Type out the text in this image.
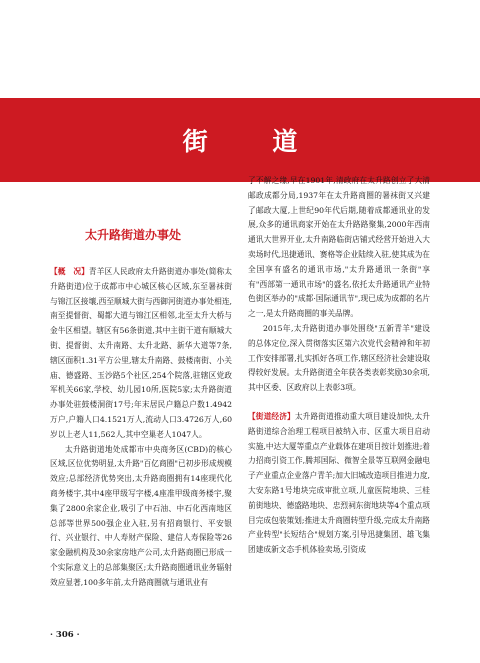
街 道
太升路街道办事处

【概　况】青羊区人民政府太升路街道办事处(简称太升路街道)位于成都市中心城区核心区域,东至暑袜街与锦江区接壤,西至顺城大街与西御河街道办事处相连,南至提督街、蜀都大道与锦江区相邻,北至太升大桥与金牛区相望。辖区有56条街道,其中主街干道有顺城大街、提督街、太升南路、太升北路、新华大道等7条,辖区面积1.31平方公里,辖太升南路、鼓楼南街、小关庙、德盛路、玉沙路5个社区,254个院落,驻辖区党政军机关66家,学校、幼儿园10所,医院5家;太升路街道办事处驻鼓楼洞街17号;年末居民户籍总户数1.4942万户,户籍人口4.1521万人,流动人口3.4726万人,60岁以上老人11,562人,其中空巢老人1047人。

太升路街道地处成都市中央商务区(CBD)的核心区域,区位优势明显,太升路"百亿商圈"已初步形成规模效应;总部经济优势突出,太升路商圈拥有14座现代化商务楼宇,其中4座甲级写字楼,4座准甲级商务楼宇,聚集了2800余家企业,吸引了中石油、中石化西南地区总部等世界500强企业入驻,另有招商银行、平安银行、兴业银行、中人寿财产保险、建信人寿保险等26家金融机构及30余家房地产公司,太升路商圈已形成一个实际意义上的总部集聚区;太升路商圈通讯业务辐射效应显著,100多年前,太升路商圈就与通讯业有

了不解之缘,早在1901年,清政府在太升路创立了大清邮政成都分局,1937年在太升路商圈的暑袜街又兴建了邮政大厦,上世纪90年代后期,随着成都通讯业的发展,众多的通讯商家开始在太升路路聚集,2000年西南通讯大世界开业,太升南路临街店铺式经营开始进入大卖场时代,迅捷通讯、赛格等企业陆续入驻,使其成为在全国享有盛名的通讯市场,"太升路通讯一条街"享有"西部第一通讯市场"的盛名,依托太升路通讯产业特色街区举办的"成都·国际通讯节",现已成为成都的名片之一,是太升路商圈的事关品牌。

2015年,太升路街道办事处围绕"五新青羊"建设的总体定位,深入贯彻落实区第六次党代会精神和年初工作安排部署,扎实抓好各项工作,辖区经济社会建设取得较好发展。太升路街道全年获各类表彰奖励30余项,其中区委、区政府以上表彰3项。

【街道经济】太升路街道推动重大项目建设加快,太升路街道综合治理工程项目被纳入市、区重大项目启动实施,中达大厦等重点产业载体在建项目按计划推进;着力招商引资工作,腾邦国际、微智全景等互联网金融电子产业重点企业落户青羊;加大旧城改造项目推进力度,大安东路1号地块完成审批立项,儿童医院地块、三桂前街地块、德盛路地块、忠烈祠东街地块等4个重点项目完成包装策划;推进太升商圈转型升级,完成太升南路产业转型"长短结合"规划方案,引导迅捷集团、雄飞集团建成新文态手机体验卖场,引资成

· 306 ·
